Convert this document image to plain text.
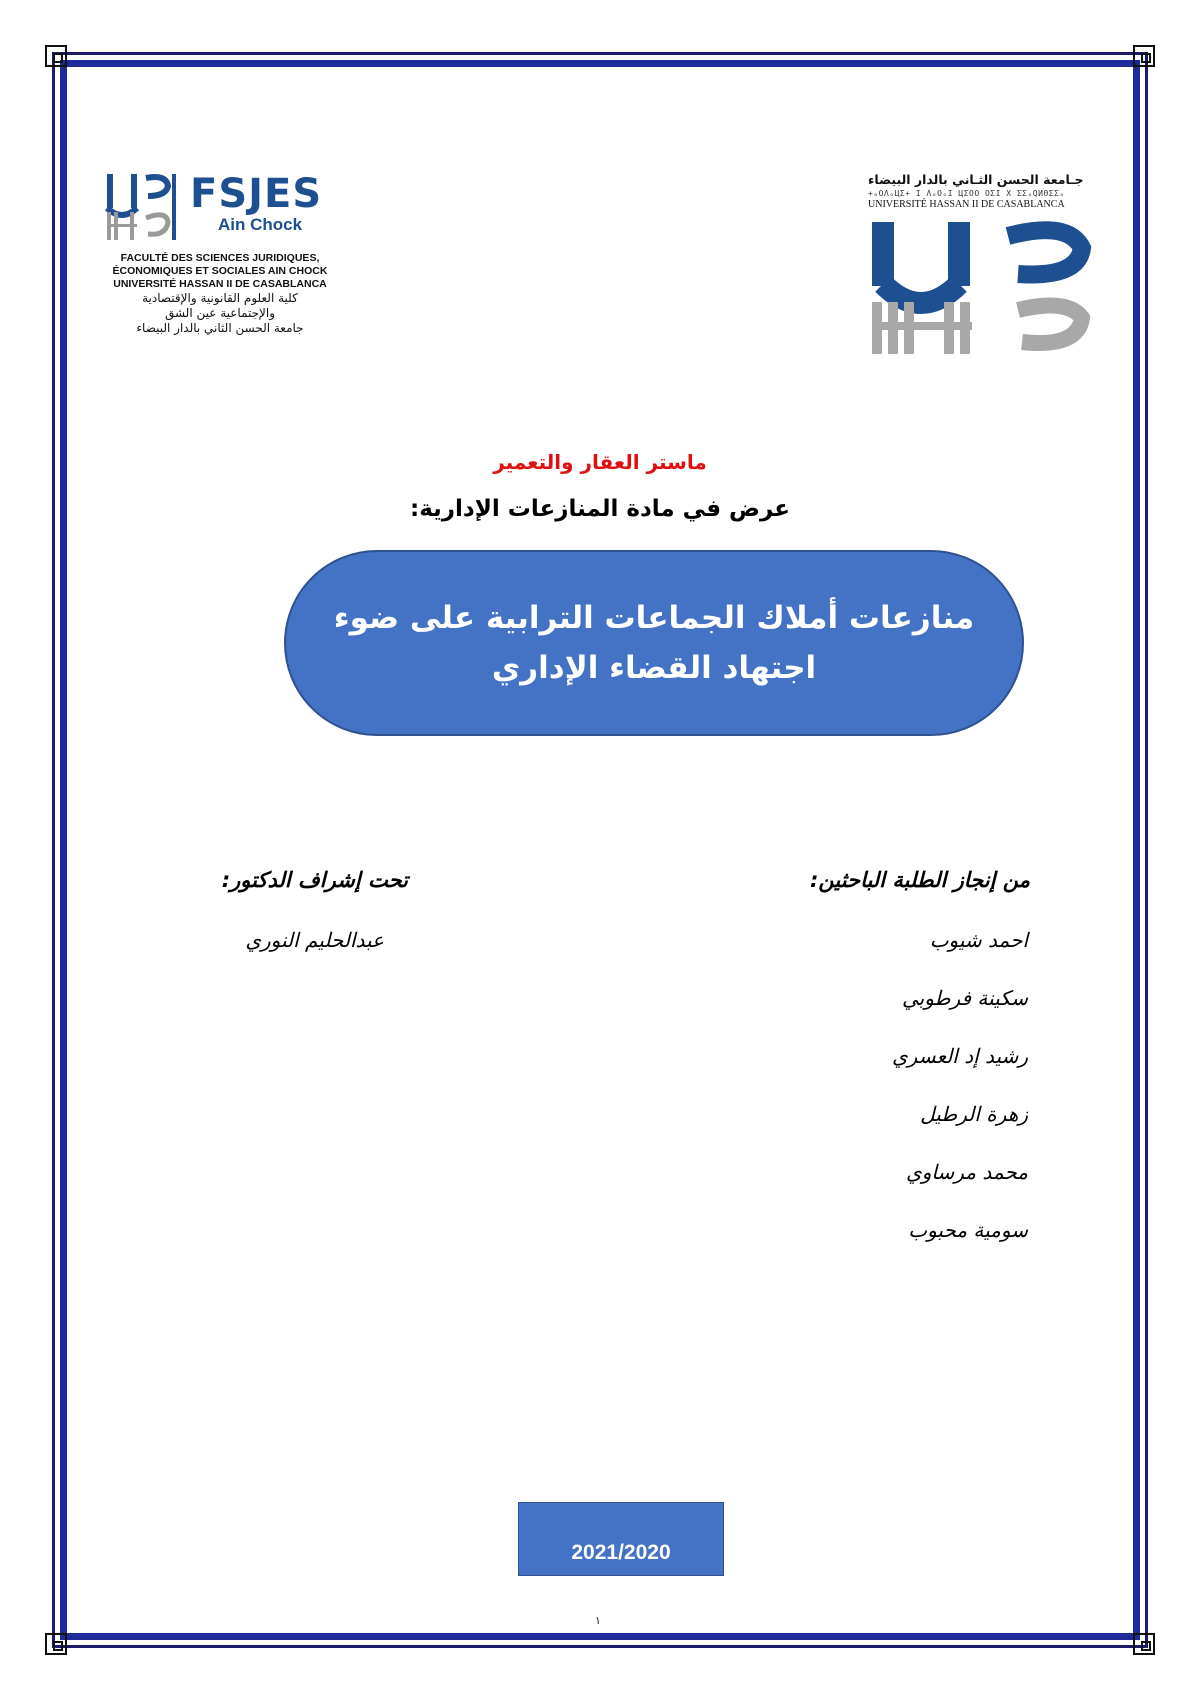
FSJES
Ain Chock
FACULTÉ DES SCIENCES JURIDIQUES,
ÉCONOMIQUES ET SOCIALES AIN CHOCK
UNIVERSITÉ HASSAN II DE CASABLANCA
كلية العلوم القانونية والإقتصادية
والإجتماعية عين الشق
جامعة الحسن الثاني بالدار البيضاء
جـامعة الحسن الثـاني بالدار البيضاء
+ₒOΛₒЦΣ+ I ΛₒOₒI ЦΣOO OΣI X ΣΣₒQИΘΣΣₒ
UNIVERSITÉ HASSAN II DE CASABLANCA
ماستر العقار والتعمير
عرض في مادة المنازعات الإدارية:
منازعات أملاك الجماعات الترابية على ضوء
اجتهاد القضاء الإداري
من إنجاز الطلبة الباحثين:
احمد شيوب
سكينة فرطوبي
رشيد إد العسري
زهرة الرطيل
محمد مرساوي
سومية محبوب
تحت إشراف الدكتور:
عبدالحليم النوري
2021/2020
١
